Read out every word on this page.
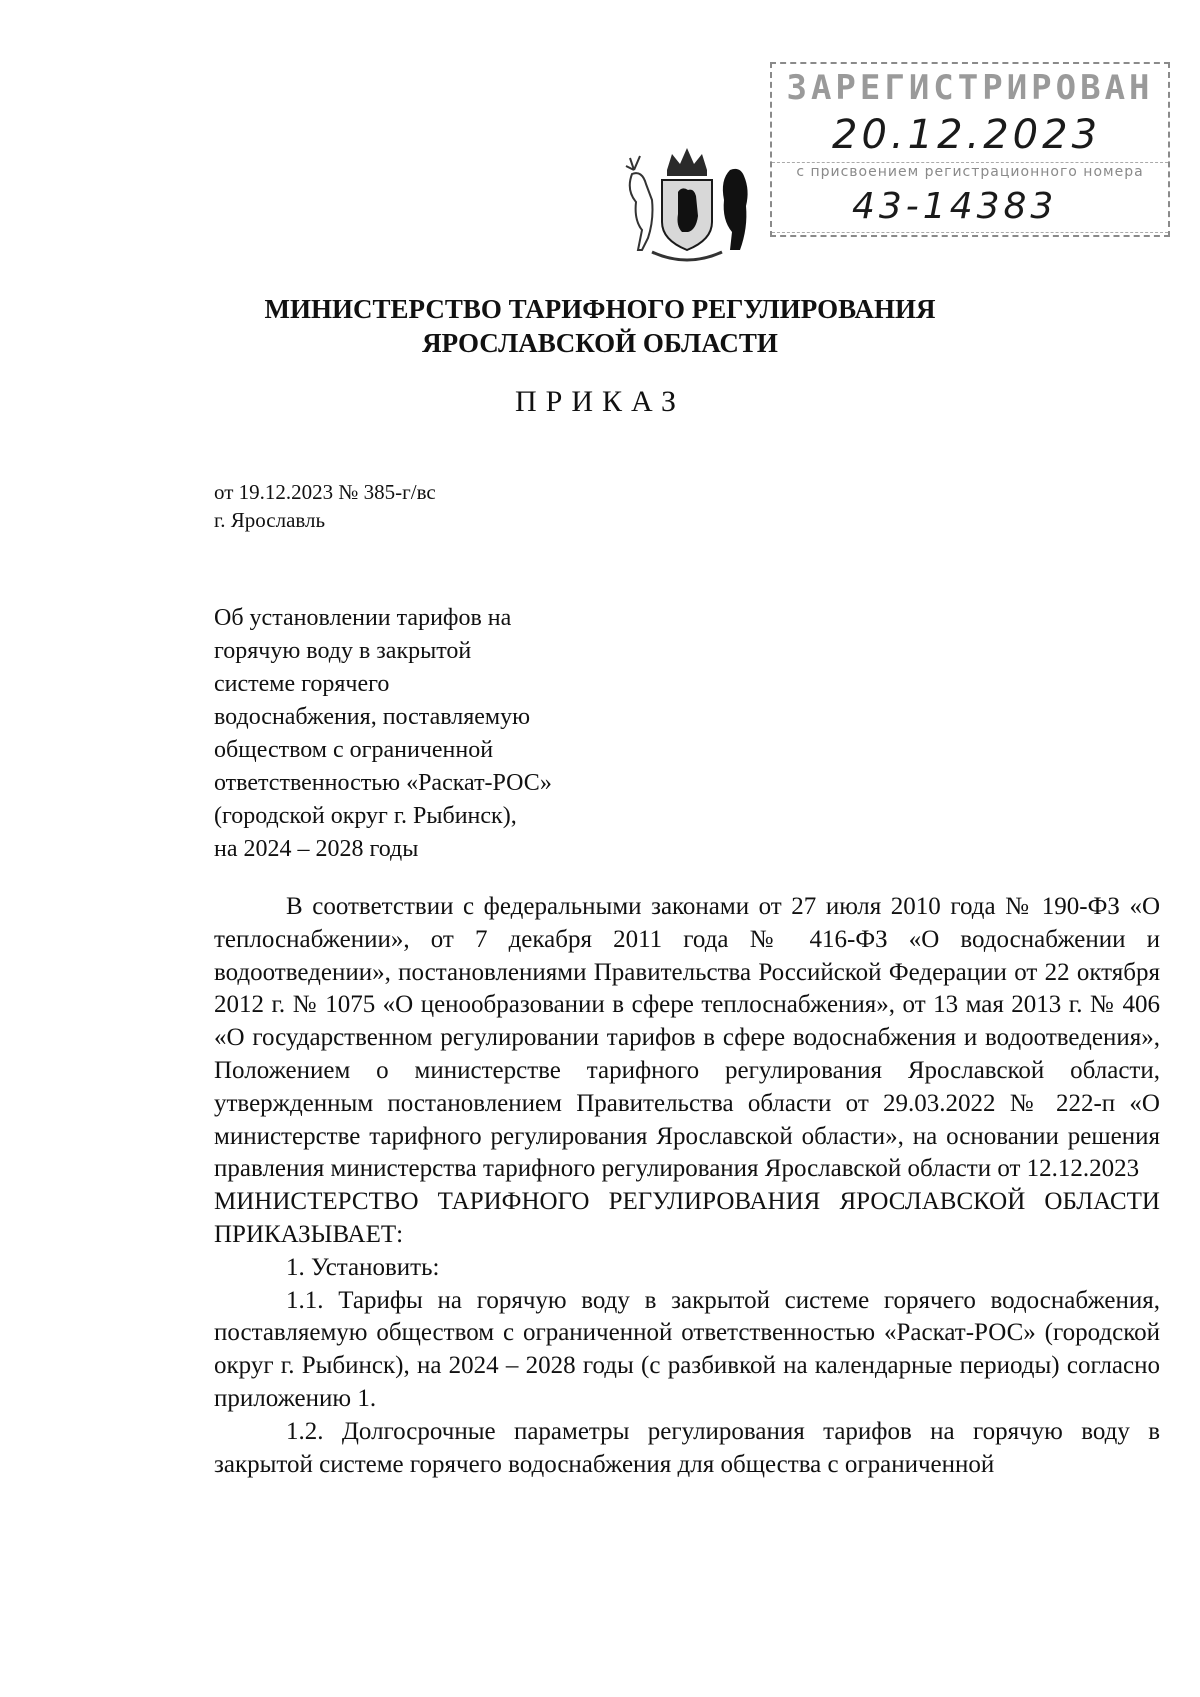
ЗАРЕГИСТРИРОВАН
20.12.2023
с присвоением регистрационного номера
43-14383
МИНИСТЕРСТВО ТАРИФНОГО РЕГУЛИРОВАНИЯ
ЯРОСЛАВСКОЙ ОБЛАСТИ
ПРИКАЗ
от 19.12.2023 № 385-г/вс
г. Ярославль
Об установлении тарифов на
горячую воду в закрытой
системе горячего
водоснабжения, поставляемую
обществом с ограниченной
ответственностью «Раскат-РОС»
(городской округ г. Рыбинск),
на 2024 – 2028 годы

В соответствии с федеральными законами от 27 июля 2010 года № 190-ФЗ «О теплоснабжении», от 7 декабря 2011 года № 416-ФЗ «О водоснабжении и водоотведении», постановлениями Правительства Российской Федерации от 22 октября 2012 г. № 1075 «О ценообразовании в сфере теплоснабжения», от 13 мая 2013 г. № 406 «О государственном регулировании тарифов в сфере водоснабжения и водоотведения», Положением о министерстве тарифного регулирования Ярославской области, утвержденным постановлением Правительства области от 29.03.2022 № 222-п «О министерстве тарифного регулирования Ярославской области», на основании решения правления министерства тарифного регулирования Ярославской области от 12.12.2023

МИНИСТЕРСТВО ТАРИФНОГО РЕГУЛИРОВАНИЯ ЯРОСЛАВСКОЙ ОБЛАСТИ ПРИКАЗЫВАЕТ:

1. Установить:

1.1. Тарифы на горячую воду в закрытой системе горячего водоснабжения, поставляемую обществом с ограниченной ответственностью «Раскат-РОС» (городской округ г. Рыбинск), на 2024 – 2028 годы (с разбивкой на календарные периоды) согласно приложению 1.

1.2. Долгосрочные параметры регулирования тарифов на горячую воду в закрытой системе горячего водоснабжения для общества с ограниченной
